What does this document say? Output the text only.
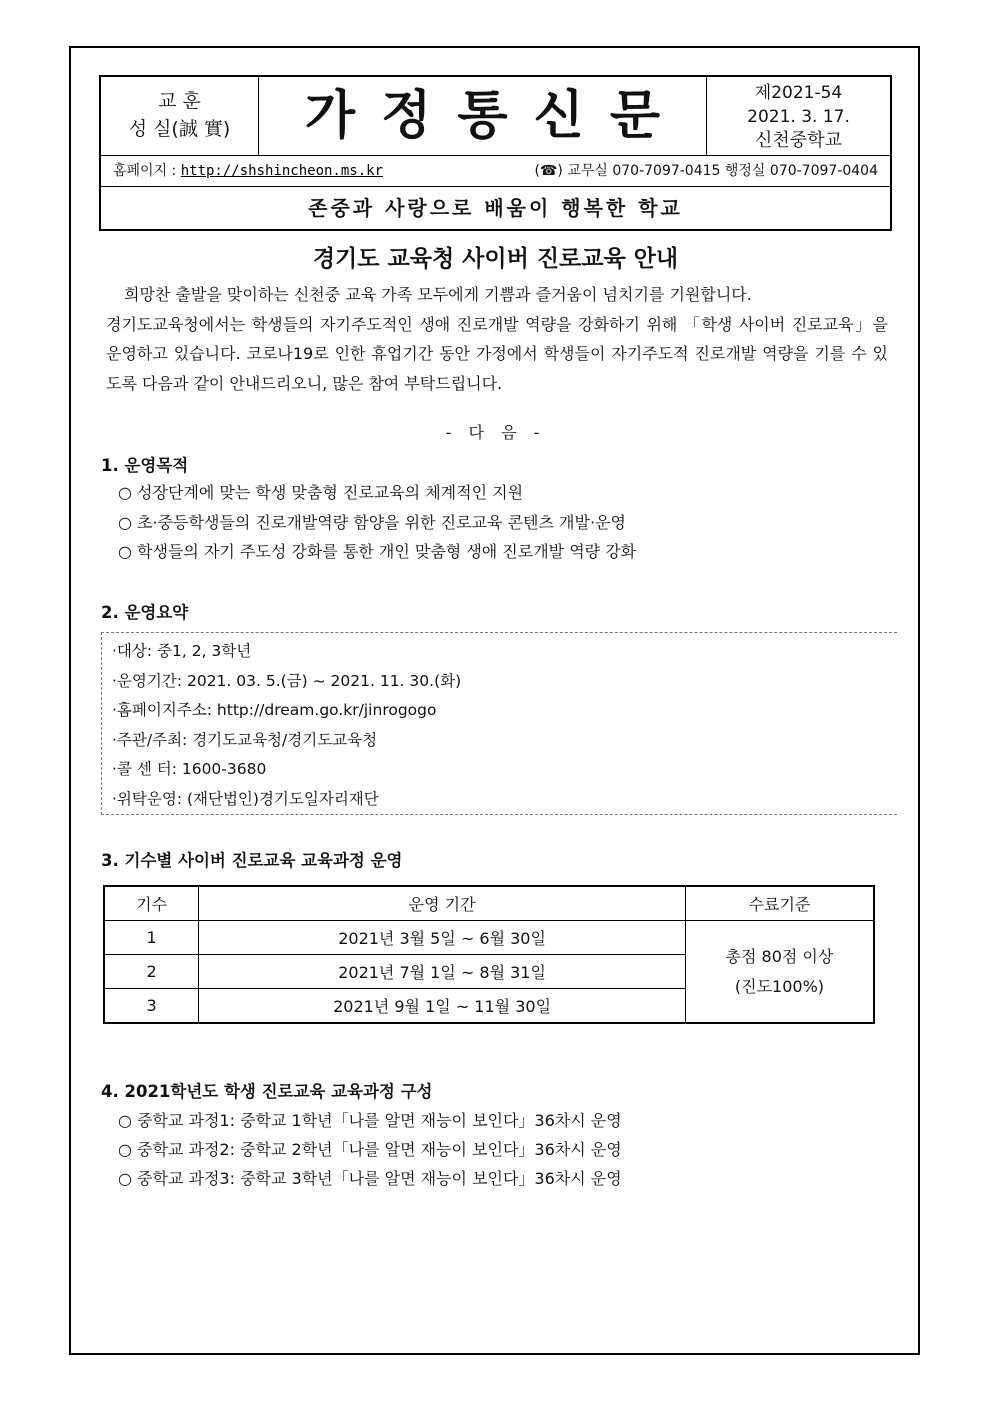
교 훈
성 실(誠 實)	가정통신문	제2021-54
2021. 3. 17.
신천중학교
홈페이지 : http://shshincheon.ms.kr	(☎) 교무실 070-7097-0415 행정실 070-7097-0404
존중과 사랑으로 배움이 행복한 학교
경기도 교육청 사이버 진로교육 안내

희망찬 출발을 맞이하는 신천중 교육 가족 모두에게 기쁨과 즐거움이 넘치기를 기원합니다.

경기도교육청에서는 학생들의 자기주도적인 생애 진로개발 역량을 강화하기 위해 「학생 사이버 진로교육」을 운영하고 있습니다. 코로나19로 인한 휴업기간 동안 가정에서 학생들이 자기주도적 진로개발 역량을 기를 수 있도록 다음과 같이 안내드리오니, 많은 참여 부탁드립니다.

- 다 음 -
1. 운영목적
○ 성장단계에 맞는 학생 맞춤형 진로교육의 체계적인 지원
○ 초·중등학생들의 진로개발역량 함양을 위한 진로교육 콘텐츠 개발·운영
○ 학생들의 자기 주도성 강화를 통한 개인 맞춤형 생애 진로개발 역량 강화
2. 운영요약
·대상: 중1, 2, 3학년
·운영기간: 2021. 03. 5.(금) ~ 2021. 11. 30.(화)
·홈페이지주소: http://dream.go.kr/jinrogogo
·주관/주최: 경기도교육청/경기도교육청
·콜 센 터: 1600-3680
·위탁운영: (재단법인)경기도일자리재단
3. 기수별 사이버 진로교육 교육과정 운영
기수	운영 기간	수료기준
1	2021년 3월 5일 ~ 6월 30일	총점 80점 이상
(진도100%)

2	2021년 7월 1일 ~ 8월 31일	
3	2021년 9월 1일 ~ 11월 30일	
4. 2021학년도 학생 진로교육 교육과정 구성
○ 중학교 과정1: 중학교 1학년「나를 알면 재능이 보인다」36차시 운영
○ 중학교 과정2: 중학교 2학년「나를 알면 재능이 보인다」36차시 운영
○ 중학교 과정3: 중학교 3학년「나를 알면 재능이 보인다」36차시 운영
